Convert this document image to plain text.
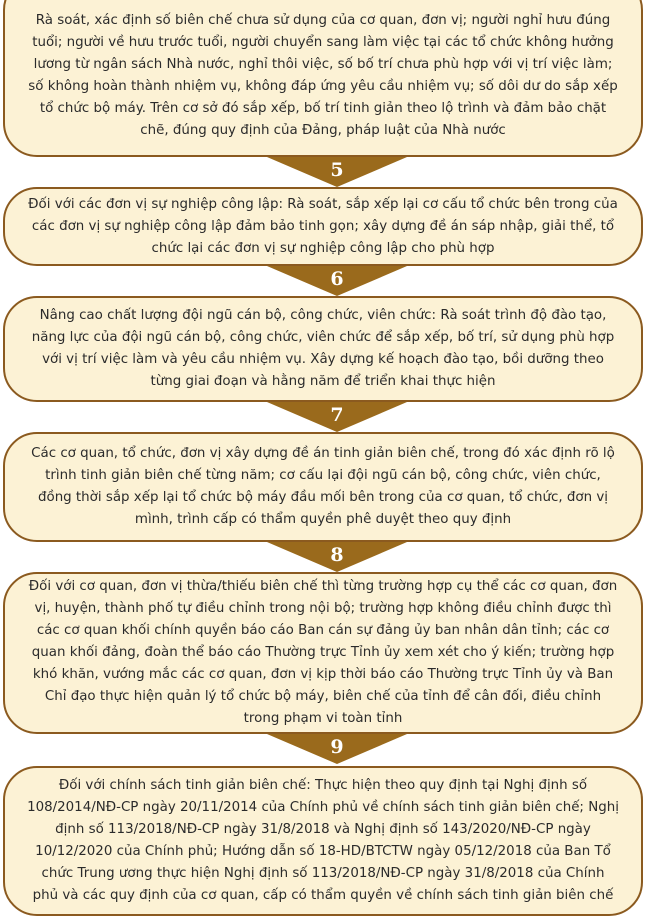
Rà soát, xác định số biên chế chưa sử dụng của cơ quan, đơn vị; người nghỉ hưu đúng tuổi; người về hưu trước tuổi, người chuyển sang làm việc tại các tổ chức không hưởng lương từ ngân sách Nhà nước, nghỉ thôi việc, số bố trí chưa phù hợp với vị trí việc làm; số không hoàn thành nhiệm vụ, không đáp ứng yêu cầu nhiệm vụ; số dôi dư do sắp xếp tổ chức bộ máy. Trên cơ sở đó sắp xếp, bố trí tinh giản theo lộ trình và đảm bảo chặt chẽ, đúng quy định của Đảng, pháp luật của Nhà nước
5
Đối với các đơn vị sự nghiệp công lập: Rà soát, sắp xếp lại cơ cấu tổ chức bên trong của các đơn vị sự nghiệp công lập đảm bảo tinh gọn; xây dựng đề án sáp nhập, giải thể, tổ chức lại các đơn vị sự nghiệp công lập cho phù hợp
6
Nâng cao chất lượng đội ngũ cán bộ, công chức, viên chức: Rà soát trình độ đào tạo, năng lực của đội ngũ cán bộ, công chức, viên chức để sắp xếp, bố trí, sử dụng phù hợp với vị trí việc làm và yêu cầu nhiệm vụ. Xây dựng kế hoạch đào tạo, bồi dưỡng theo từng giai đoạn và hằng năm để triển khai thực hiện
7
Các cơ quan, tổ chức, đơn vị xây dựng đề án tinh giản biên chế, trong đó xác định rõ lộ trình tinh giản biên chế từng năm; cơ cấu lại đội ngũ cán bộ, công chức, viên chức, đồng thời sắp xếp lại tổ chức bộ máy đầu mối bên trong của cơ quan, tổ chức, đơn vị mình, trình cấp có thẩm quyền phê duyệt theo quy định
8
Đối với cơ quan, đơn vị thừa/thiếu biên chế thì từng trường hợp cụ thể các cơ quan, đơn vị, huyện, thành phố tự điều chỉnh trong nội bộ; trường hợp không điều chỉnh được thì các cơ quan khối chính quyền báo cáo Ban cán sự đảng ủy ban nhân dân tỉnh; các cơ quan khối đảng, đoàn thể báo cáo Thường trực Tỉnh ủy xem xét cho ý kiến; trường hợp khó khăn, vướng mắc các cơ quan, đơn vị kịp thời báo cáo Thường trực Tỉnh ủy và Ban Chỉ đạo thực hiện quản lý tổ chức bộ máy, biên chế của tỉnh để cân đối, điều chỉnh trong phạm vi toàn tỉnh
9
Đối với chính sách tinh giản biên chế: Thực hiện theo quy định tại Nghị định số 108/2014/NĐ-CP ngày 20/11/2014 của Chính phủ về chính sách tinh giản biên chế; Nghị định số 113/2018/NĐ-CP ngày 31/8/2018 và Nghị định số 143/2020/NĐ-CP ngày 10/12/2020 của Chính phủ; Hướng dẫn số 18-HD/BTCTW ngày 05/12/2018 của Ban Tổ chức Trung ương thực hiện Nghị định số 113/2018/NĐ-CP ngày 31/8/2018 của Chính phủ và các quy định của cơ quan, cấp có thẩm quyền về chính sách tinh giản biên chế
